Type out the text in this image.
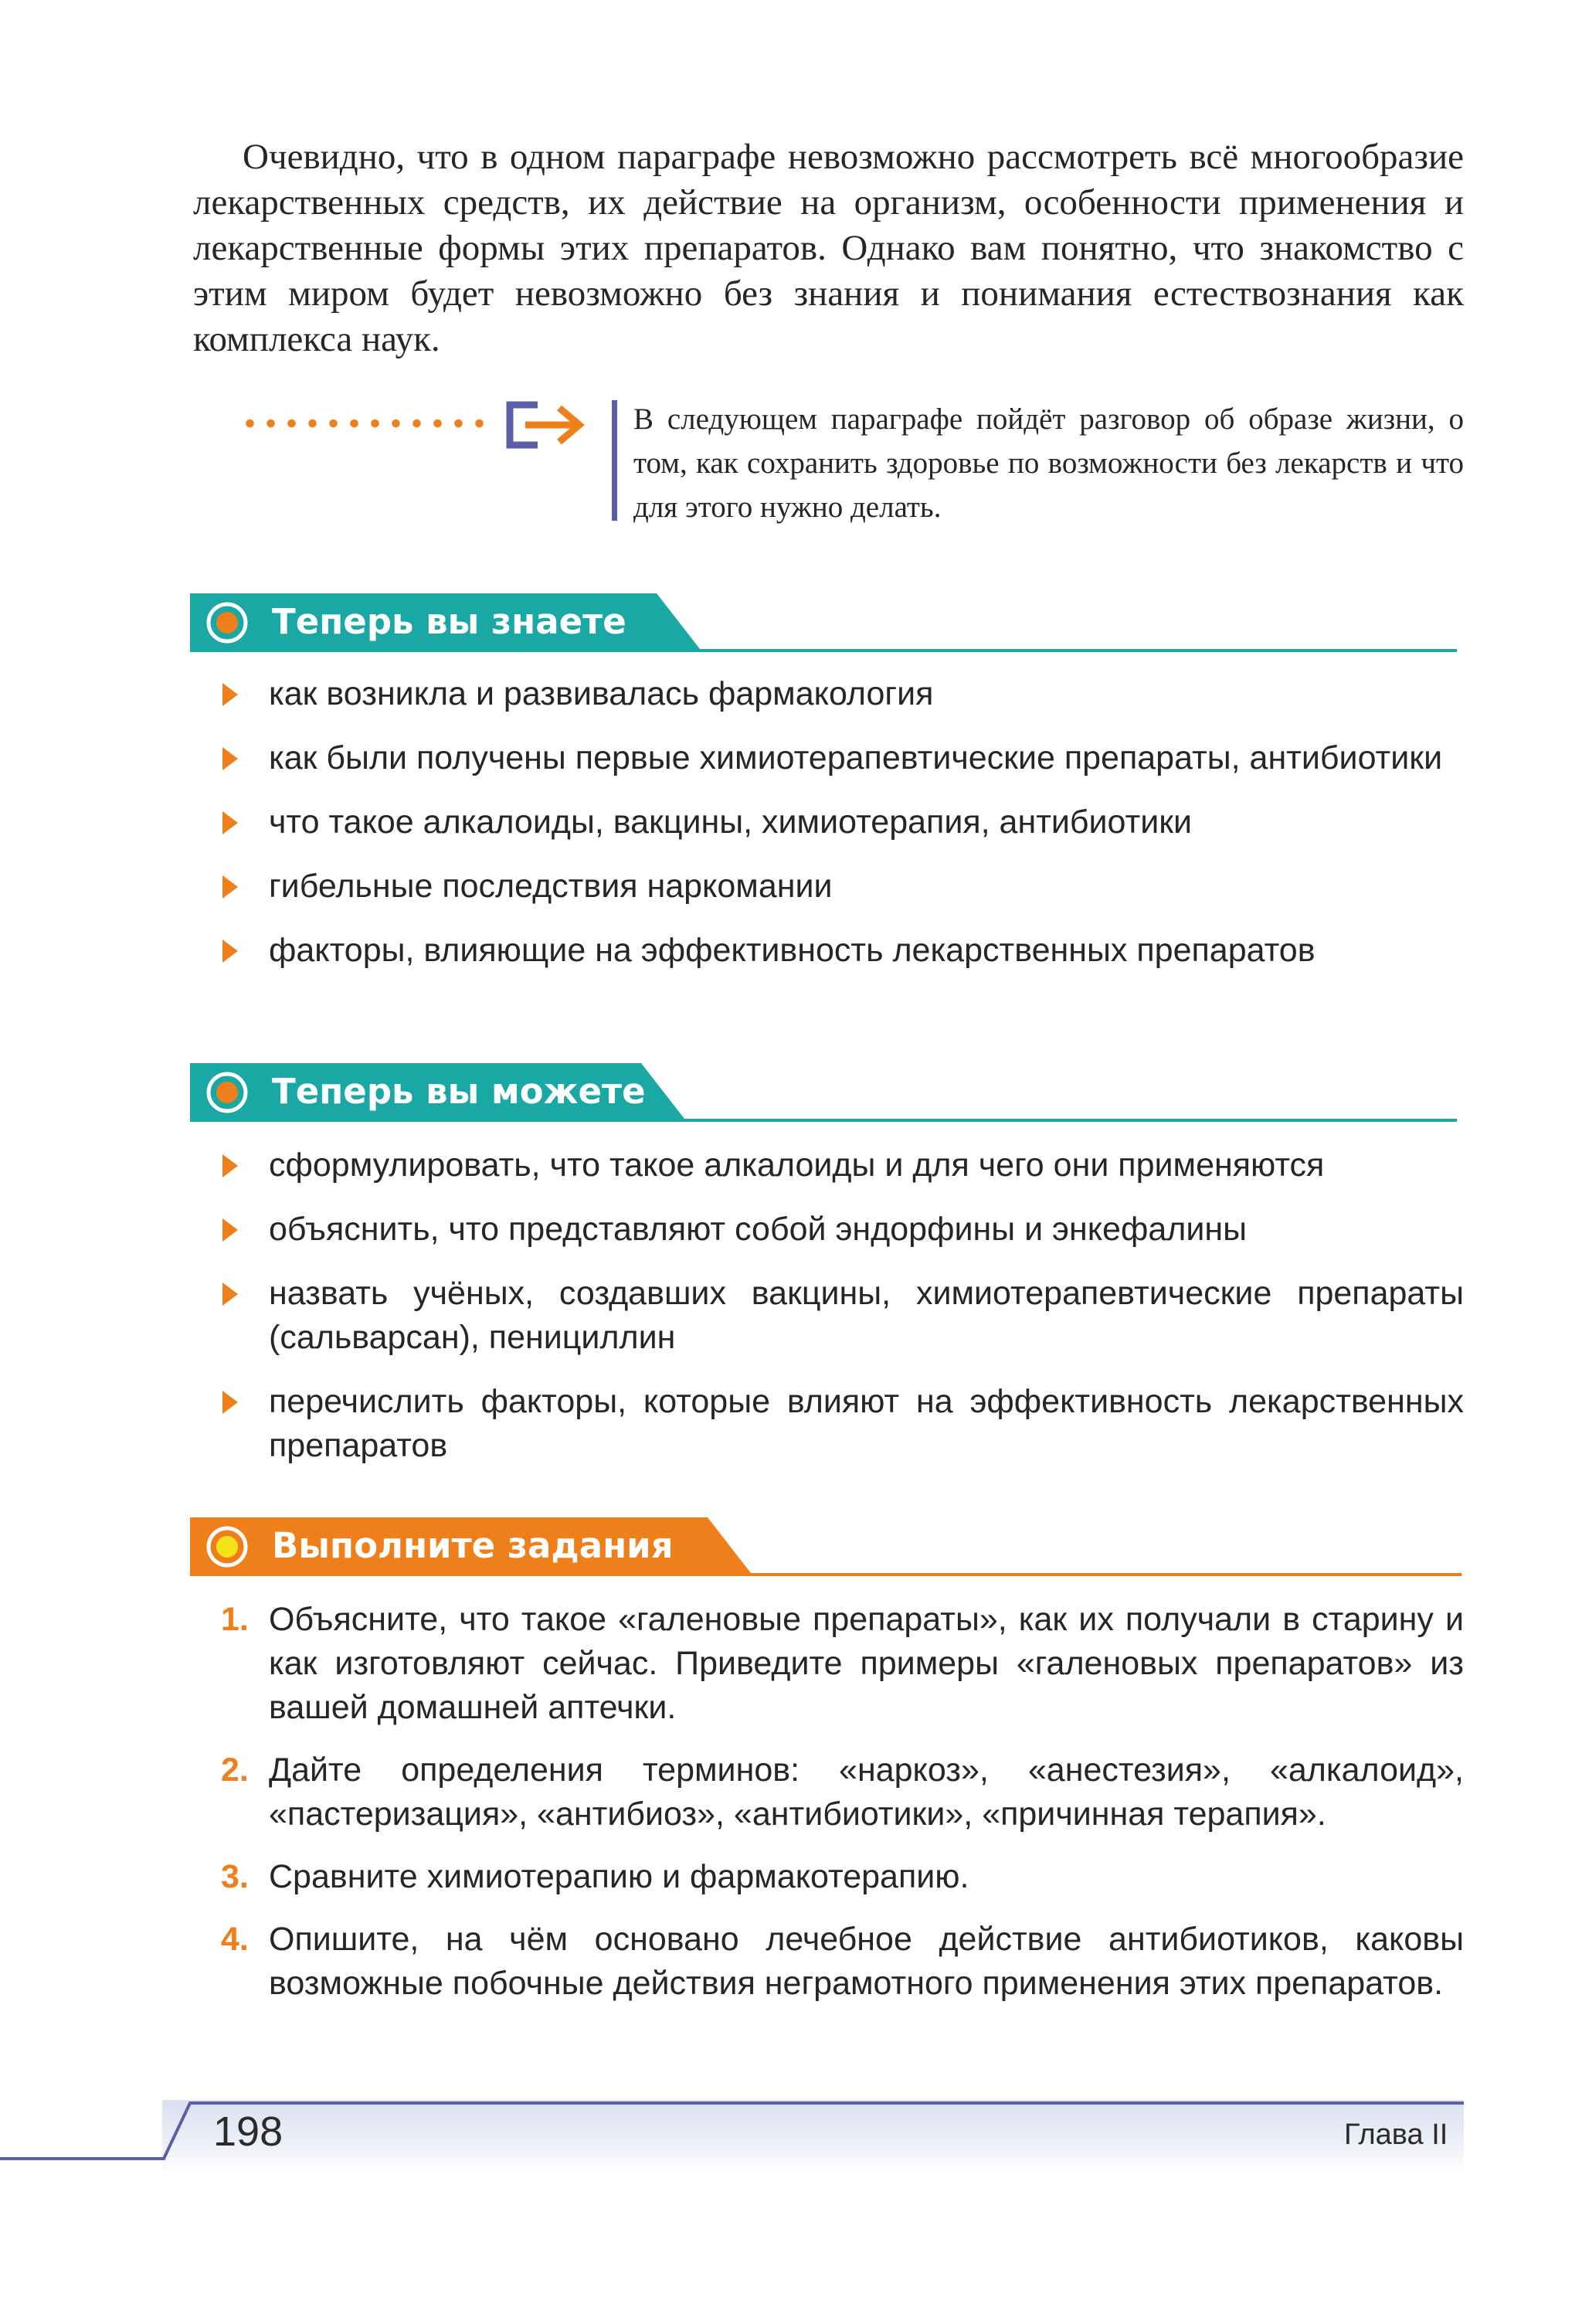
Очевидно, что в одном параграфе невозможно рассмотреть всё многообразие лекарственных средств, их действие на организм, особенности применения и лекарственные формы этих препаратов. Однако вам понятно, что знакомство с этим миром будет невозможно без знания и понимания естествознания как комплекса наук.

В следующем параграфе пойдёт разговор об образе жизни, о том, как сохранить здоровье по возможности без лекарств и что для этого нужно делать.

Теперь вы знаете
как возникла и развивалась фармакология
как были получены первые химиотерапевтические препараты, антибиотики
что такое алкалоиды, вакцины, химиотерапия, антибиотики
гибельные последствия наркомании
факторы, влияющие на эффективность лекарственных препаратов
Теперь вы можете
сформулировать, что такое алкалоиды и для чего они применяются
объяснить, что представляют собой эндорфины и энкефалины
назвать учёных, создавших вакцины, химиотерапевтические препараты (сальварсан), пенициллин
перечислить факторы, которые влияют на эффективность лекарственных препаратов
Выполните задания
1. Объясните, что такое «галеновые препараты», как их получали в старину и как изготовляют сейчас. Приведите примеры «галеновых препаратов» из вашей домашней аптечки.
2. Дайте определения терминов: «наркоз», «анестезия», «алкалоид», «пастеризация», «антибиоз», «антибиотики», «причинная терапия».
3. Сравните химиотерапию и фармакотерапию.
4. Опишите, на чём основано лечебное действие антибиотиков, каковы возможные побочные действия неграмотного применения этих препаратов.
198	Глава II
